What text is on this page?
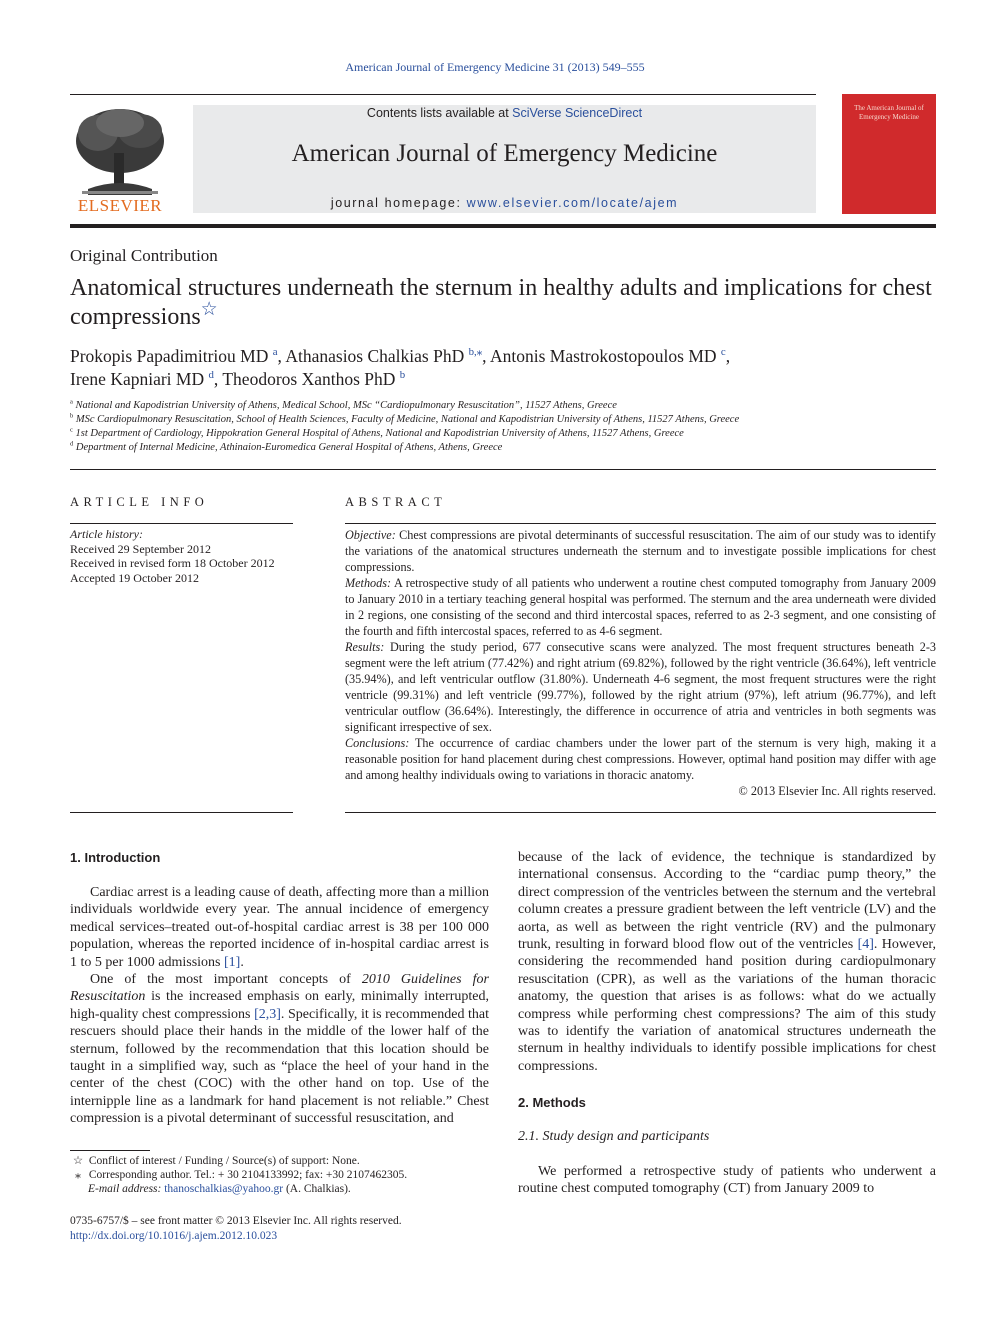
American Journal of Emergency Medicine 31 (2013) 549–555
ELSEVIER
Contents lists available at SciVerse ScienceDirect
American Journal of Emergency Medicine
journal homepage: www.elsevier.com/locate/ajem
The American Journal of Emergency Medicine
Original Contribution
Anatomical structures underneath the sternum in healthy adults and implications for chest compressions☆
Prokopis Papadimitriou MD $^a$, Athanasios Chalkias PhD $^{b,⁎}$, Antonis Mastrokostopoulos MD $^c$,
Irene Kapniari MD $^d$, Theodoros Xanthos PhD $^b$
$^a$ National and Kapodistrian University of Athens, Medical School, MSc “Cardiopulmonary Resuscitation”, 11527 Athens, Greece
$^b$ MSc Cardiopulmonary Resuscitation, School of Health Sciences, Faculty of Medicine, National and Kapodistrian University of Athens, 11527 Athens, Greece
$^c$ 1st Department of Cardiology, Hippokration General Hospital of Athens, National and Kapodistrian University of Athens, 11527 Athens, Greece
$^d$ Department of Internal Medicine, Athinaion-Euromedica General Hospital of Athens, Athens, Greece
ARTICLE INFO	ABSTRACT
Article history:
Received 29 September 2012
Received in revised form 18 October 2012
Accepted 19 October 2012

Objective: Chest compressions are pivotal determinants of successful resuscitation. The aim of our study was to identify the variations of the anatomical structures underneath the sternum and to investigate possible implications for chest compressions.

Methods: A retrospective study of all patients who underwent a routine chest computed tomography from January 2009 to January 2010 in a tertiary teaching general hospital was performed. The sternum and the area underneath were divided in 2 regions, one consisting of the second and third intercostal spaces, referred to as 2-3 segment, and one consisting of the fourth and fifth intercostal spaces, referred to as 4-6 segment.

Results: During the study period, 677 consecutive scans were analyzed. The most frequent structures beneath 2-3 segment were the left atrium (77.42%) and right atrium (69.82%), followed by the right ventricle (36.64%), left ventricle (35.94%), and left ventricular outflow (31.80%). Underneath 4-6 segment, the most frequent structures were the right ventricle (99.31%) and left ventricle (99.77%), followed by the right atrium (97%), left atrium (96.77%), and left ventricular outflow (36.64%). Interestingly, the difference in occurrence of atria and ventricles in both segments was significant irrespective of sex.

Conclusions: The occurrence of cardiac chambers under the lower part of the sternum is very high, making it a reasonable position for hand placement during chest compressions. However, optimal hand position may differ with age and among healthy individuals owing to variations in thoracic anatomy.

© 2013 Elsevier Inc. All rights reserved.

1. Introduction

Cardiac arrest is a leading cause of death, affecting more than a million individuals worldwide every year. The annual incidence of emergency medical services–treated out-of-hospital cardiac arrest is 38 per 100 000 population, whereas the reported incidence of in-hospital cardiac arrest is 1 to 5 per 1000 admissions [1].

One of the most important concepts of 2010 Guidelines for Resuscitation is the increased emphasis on early, minimally interrupted, high-quality chest compressions [2,3]. Specifically, it is recommended that rescuers should place their hands in the middle of the lower half of the sternum, followed by the recommendation that this location should be taught in a simplified way, such as “place the heel of your hand in the center of the chest (COC) with the other hand on top. Use of the internipple line as a landmark for hand placement is not reliable.” Chest compression is a pivotal determinant of successful resuscitation, and

because of the lack of evidence, the technique is standardized by international consensus. According to the “cardiac pump theory,” the direct compression of the ventricles between the sternum and the vertebral column creates a pressure gradient between the left ventricle (LV) and the aorta, as well as between the right ventricle (RV) and the pulmonary trunk, resulting in forward blood flow out of the ventricles [4]. However, considering the recommended hand position during cardiopulmonary resuscitation (CPR), as well as the variations of the human thoracic anatomy, the question that arises is as follows: what do we actually compress while performing chest compressions? The aim of this study was to identify the variation of anatomical structures underneath the sternum in healthy individuals to identify possible implications for chest compressions.

2. Methods
2.1. Study design and participants

We performed a retrospective study of patients who underwent a routine chest computed tomography (CT) from January 2009 to

☆ Conflict of interest / Funding / Source(s) of support: None.
⁎ Corresponding author. Tel.: + 30 2104133992; fax: +30 2107462305.
E-mail address: thanoschalkias@yahoo.gr (A. Chalkias).
0735-6757/$ – see front matter © 2013 Elsevier Inc. All rights reserved.
http://dx.doi.org/10.1016/j.ajem.2012.10.023
